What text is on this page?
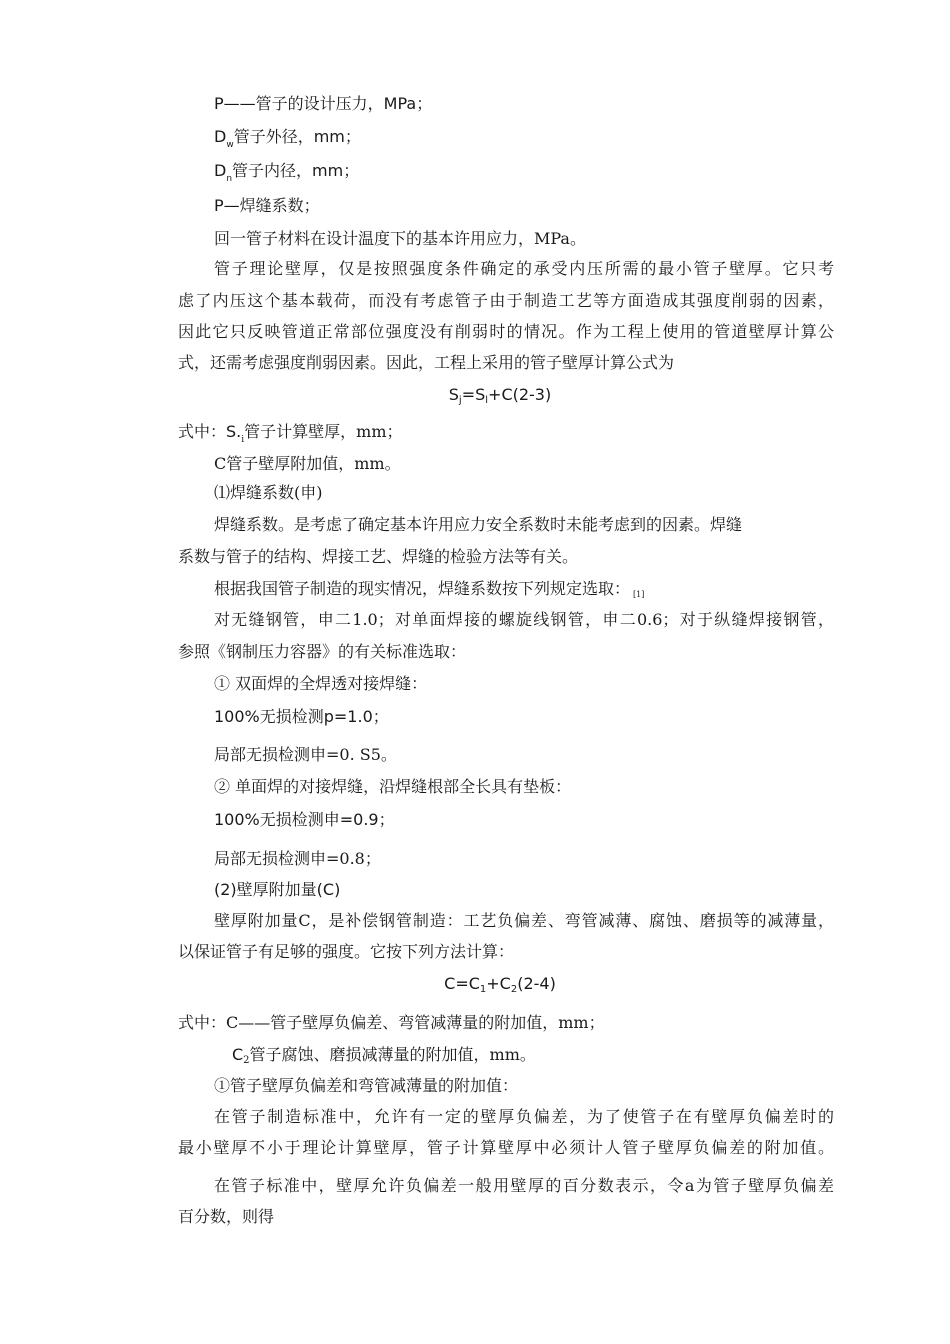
P——管子的设计压力，MPa；
$D_w$管子外径，mm；
$D_n$管子内径，mm；
P—焊缝系数；
回一管子材料在设计温度下的基本许用应力，MPa。
管子理论壁厚，仅是按照强度条件确定的承受内压所需的最小管子壁厚。它只考
虑了内压这个基本载荷，而没有考虑管子由于制造工艺等方面造成其强度削弱的因素，
因此它只反映管道正常部位强度没有削弱时的情况。作为工程上使用的管道壁厚计算公
式，还需考虑强度削弱因素。因此，工程上采用的管子壁厚计算公式为
$S_j=S_l+C(2-3)$
式中：$S._i$管子计算壁厚，mm；
C管子壁厚附加值，mm。
⑴焊缝系数(申)
焊缝系数。是考虑了确定基本许用应力安全系数时未能考虑到的因素。焊缝
系数与管子的结构、焊接工艺、焊缝的检验方法等有关。
根据我国管子制造的现实情况，焊缝系数按下列规定选取： [1]
对无缝钢管，申二1.0；对单面焊接的螺旋线钢管，申二0.6；对于纵缝焊接钢管，
参照《钢制压力容器》的有关标准选取：
① 双面焊的全焊透对接焊缝：
100%无损检测p=1.0；
局部无损检测申=0. S5。
② 单面焊的对接焊缝，沿焊缝根部全长具有垫板：
100%无损检测申=0.9；
局部无损检测申=0.8；
(2)壁厚附加量(C)
壁厚附加量C，是补偿钢管制造：工艺负偏差、弯管减薄、腐蚀、磨损等的减薄量，
以保证管子有足够的强度。它按下列方法计算：
$C=C_1+C_2(2-4)$
式中：C——管子壁厚负偏差、弯管减薄量的附加值，mm；
$C_2$管子腐蚀、磨损减薄量的附加值，mm。
①管子壁厚负偏差和弯管减薄量的附加值：
在管子制造标准中，允许有一定的壁厚负偏差，为了使管子在有壁厚负偏差时的
最小壁厚不小于理论计算壁厚，管子计算壁厚中必须计人管子壁厚负偏差的附加值。
在管子标准中，壁厚允许负偏差一般用壁厚的百分数表示，令a为管子壁厚负偏差
百分数，则得
